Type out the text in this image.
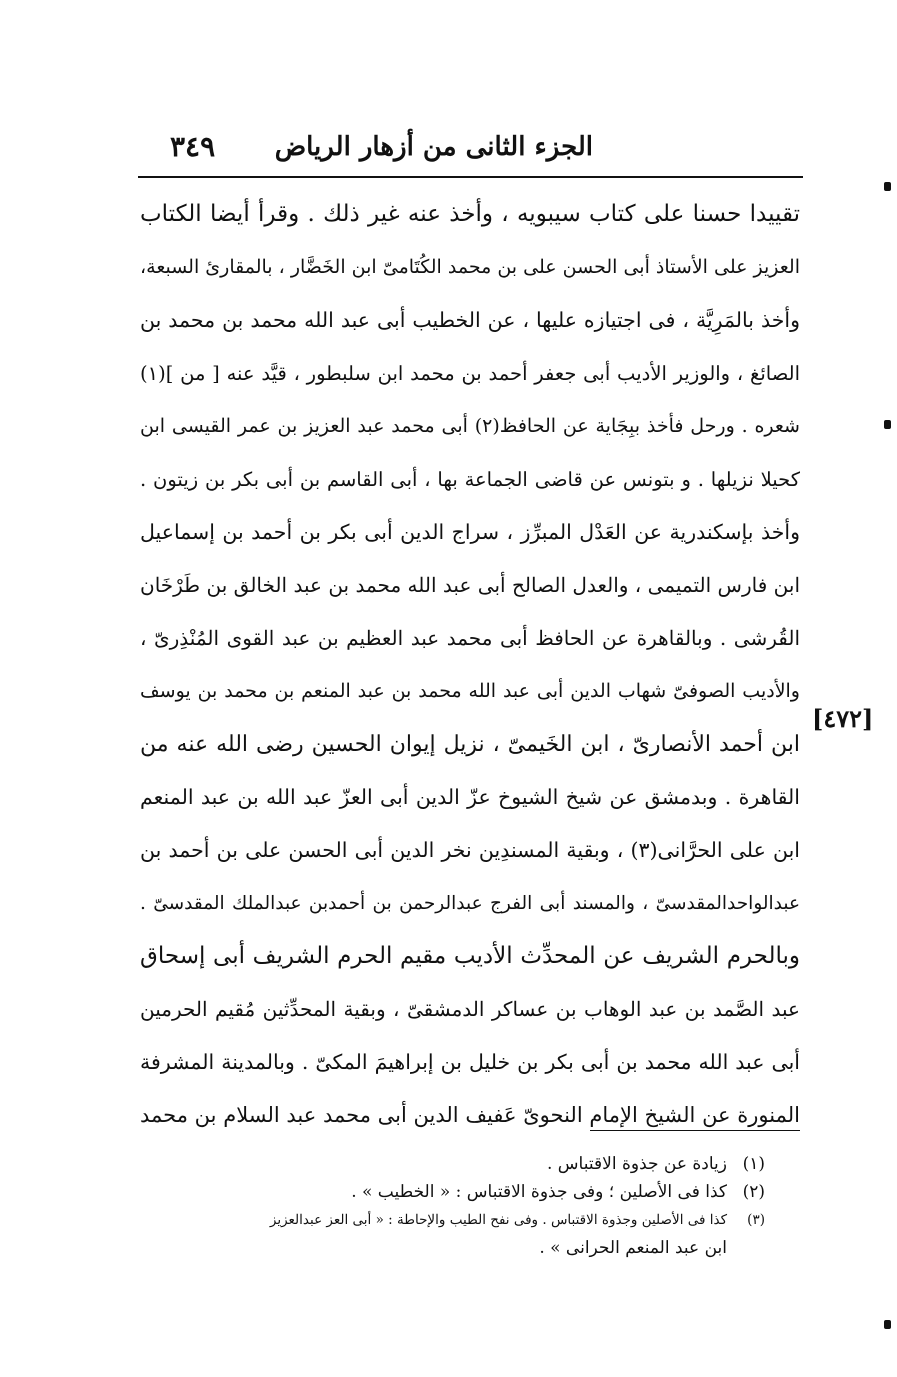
الجزء الثانى من أزهار الرياض
٣٤٩
تقييدا حسنا على كتاب سيبويه ، وأخذ عنه غير ذلك . وقرأ أيضا الكتاب
العزيز على الأستاذ أبى الحسن على بن محمد الكُتَامىّ ابن الخَضَّار ، بالمقارئ السبعة،
وأخذ بالمَرِيَّة ، فى اجتيازه عليها ، عن الخطيب أبى عبد الله محمد بن محمد بن
الصائغ ، والوزير الأديب أبى جعفر أحمد بن محمد ابن سلبطور ، قيَّد عنه [ من ](١)
شعره . ورحل فأخذ ببِجَاية عن الحافظ(٢) أبى محمد عبد العزيز بن عمر القيسى ابن
كحيلا نزيلها . و بتونس عن قاضى الجماعة بها ، أبى القاسم بن أبى بكر بن زيتون .
وأخذ بإسكندرية عن العَدْل المبرِّز ، سراج الدين أبى بكر بن أحمد بن إسماعيل
ابن فارس التميمى ، والعدل الصالح أبى عبد الله محمد بن عبد الخالق بن طَرْخَان
القُرشى . وبالقاهرة عن الحافظ أبى محمد عبد العظيم بن عبد القوى المُنْذِرىّ ،
والأديب الصوفىّ شهاب الدين أبى عبد الله محمد بن عبد المنعم بن محمد بن يوسف
ابن أحمد الأنصارىّ ، ابن الخَيمىّ ، نزيل إيوان الحسين رضى الله عنه من
القاهرة . وبدمشق عن شيخ الشيوخ عزّ الدين أبى العزّ عبد الله بن عبد المنعم
ابن على الحرَّانى(٣) ، وبقية المسندِين نخر الدين أبى الحسن على بن أحمد بن
عبدالواحدالمقدسىّ ، والمسند أبى الفرج عبدالرحمن بن أحمدبن عبدالملك المقدسىّ .
وبالحرم الشريف عن المحدِّث الأديب مقيم الحرم الشريف أبى إسحاق
عبد الصَّمد بن عبد الوهاب بن عساكر الدمشقىّ ، وبقية المحدِّثين مُقيم الحرمين
أبى عبد الله محمد بن أبى بكر بن خليل بن إبراهيمَ المكىّ . وبالمدينة المشرفة
المنورة عن الشيخ الإمام النحوىّ عَفيف الدين أبى محمد عبد السلام بن محمد
[٤٧٢]
(١)زيادة عن جذوة الاقتباس .
(٢)كذا فى الأصلين ؛ وفى جذوة الاقتباس : « الخطيب » .
(٣)كذا فى الأصلين وجذوة الاقتباس . وفى نفح الطيب والإحاطة : « أبى العز عبدالعزيز
ابن عبد المنعم الحرانى » .
